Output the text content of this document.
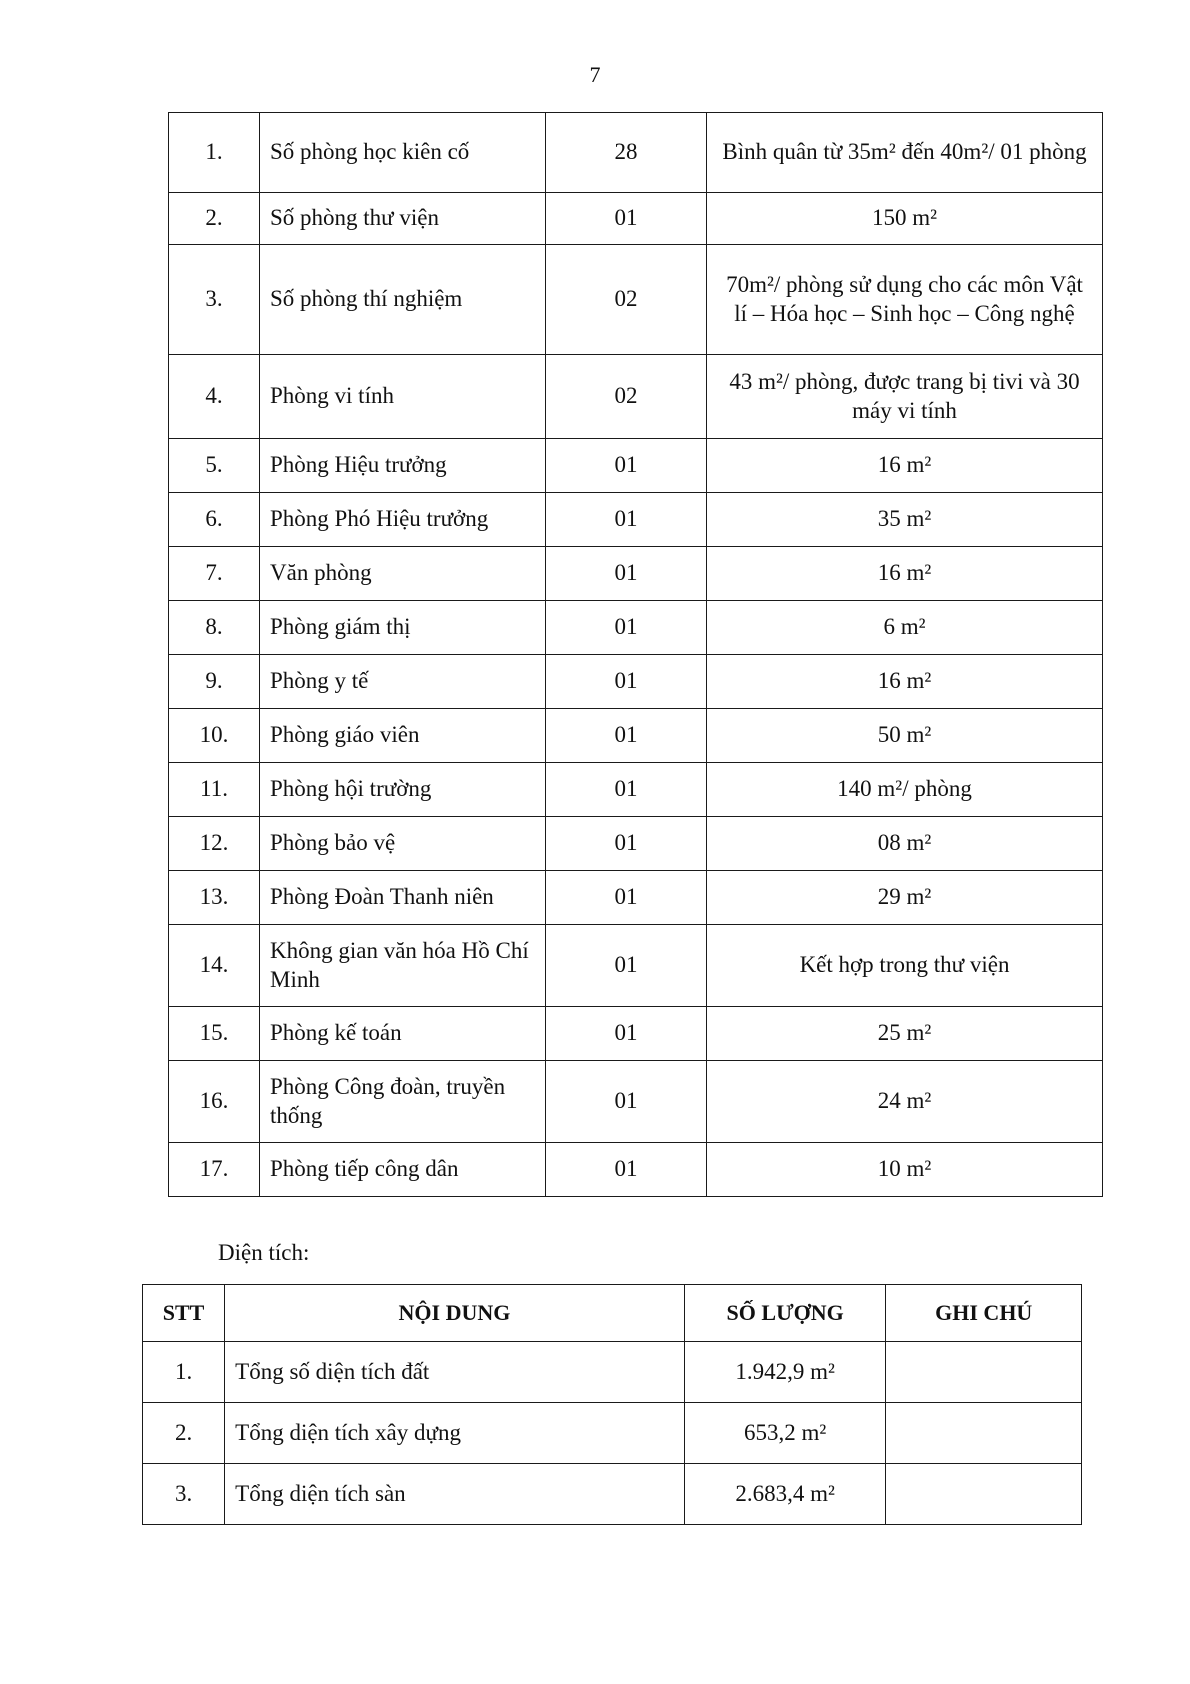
7
1.	Số phòng học kiên cố	28	Bình quân từ 35m² đến 40m²/ 01 phòng
2.	Số phòng thư viện	01	150 m²
3.	Số phòng thí nghiệm	02	70m²/ phòng sử dụng cho các môn Vật lí – Hóa học – Sinh học – Công nghệ
4.	Phòng vi tính	02	43 m²/ phòng, được trang bị tivi và 30 máy vi tính
5.	Phòng Hiệu trưởng	01	16 m²
6.	Phòng Phó Hiệu trưởng	01	35 m²
7.	Văn phòng	01	16 m²
8.	Phòng giám thị	01	6 m²
9.	Phòng y tế	01	16 m²
10.	Phòng giáo viên	01	50 m²
11.	Phòng hội trường	01	140 m²/ phòng
12.	Phòng bảo vệ	01	08 m²
13.	Phòng Đoàn Thanh niên	01	29 m²
14.	Không gian văn hóa Hồ Chí Minh	01	Kết hợp trong thư viện
15.	Phòng kế toán	01	25 m²
16.	Phòng Công đoàn, truyền thống	01	24 m²
17.	Phòng tiếp công dân	01	10 m²
Diện tích:
STT	NỘI DUNG	SỐ LƯỢNG	GHI CHÚ
1.	Tổng số diện tích đất	1.942,9 m²	
2.	Tổng diện tích xây dựng	653,2 m²	
3.	Tổng diện tích sàn	2.683,4 m²	
